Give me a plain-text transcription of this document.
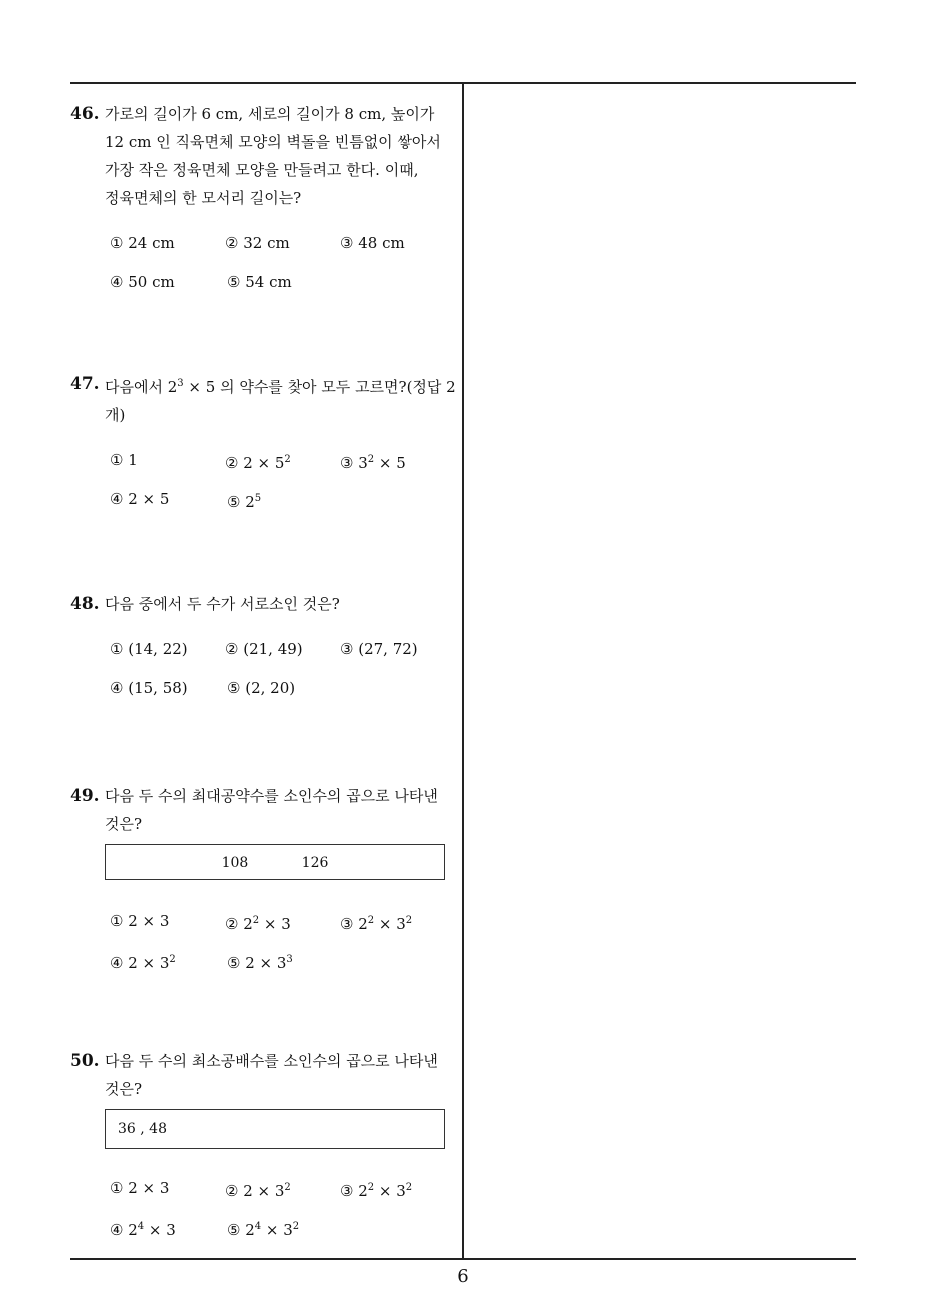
46. 가로의 길이가 6 cm, 세로의 길이가 8 cm, 높이가
12 cm 인 직육면체 모양의 벽돌을 빈틈없이 쌓아서
가장 작은 정육면체 모양을 만들려고 한다. 이때,
정육면체의 한 모서리 길이는?
① 24 cm	② 32 cm	③ 48 cm
④ 50 cm	⑤ 54 cm
47. 다음에서 $2^3 \times 5$ 의 약수를 찾아 모두 고르면?(정답 2
개)
① 1	② $2 \times 5^2$	③ $3^2 \times 5$
④ 2 × 5	⑤ $2^5$
48. 다음 중에서 두 수가 서로소인 것은?
① (14, 22)	② (21, 49)	③ (27, 72)
④ (15, 58)	⑤ (2, 20)
49. 다음 두 수의 최대공약수를 소인수의 곱으로 나타낸
것은?
108            126
① 2 × 3	② $2^2 \times 3$	③ $2^2 \times 3^2$
④ $2 \times 3^2$	⑤ $2 \times 3^3$
50. 다음 두 수의 최소공배수를 소인수의 곱으로 나타낸
것은?
36 , 48
① 2 × 3	② $2 \times 3^2$	③ $2^2 \times 3^2$
④ $2^4 \times 3$	⑤ $2^4 \times 3^2$
6
